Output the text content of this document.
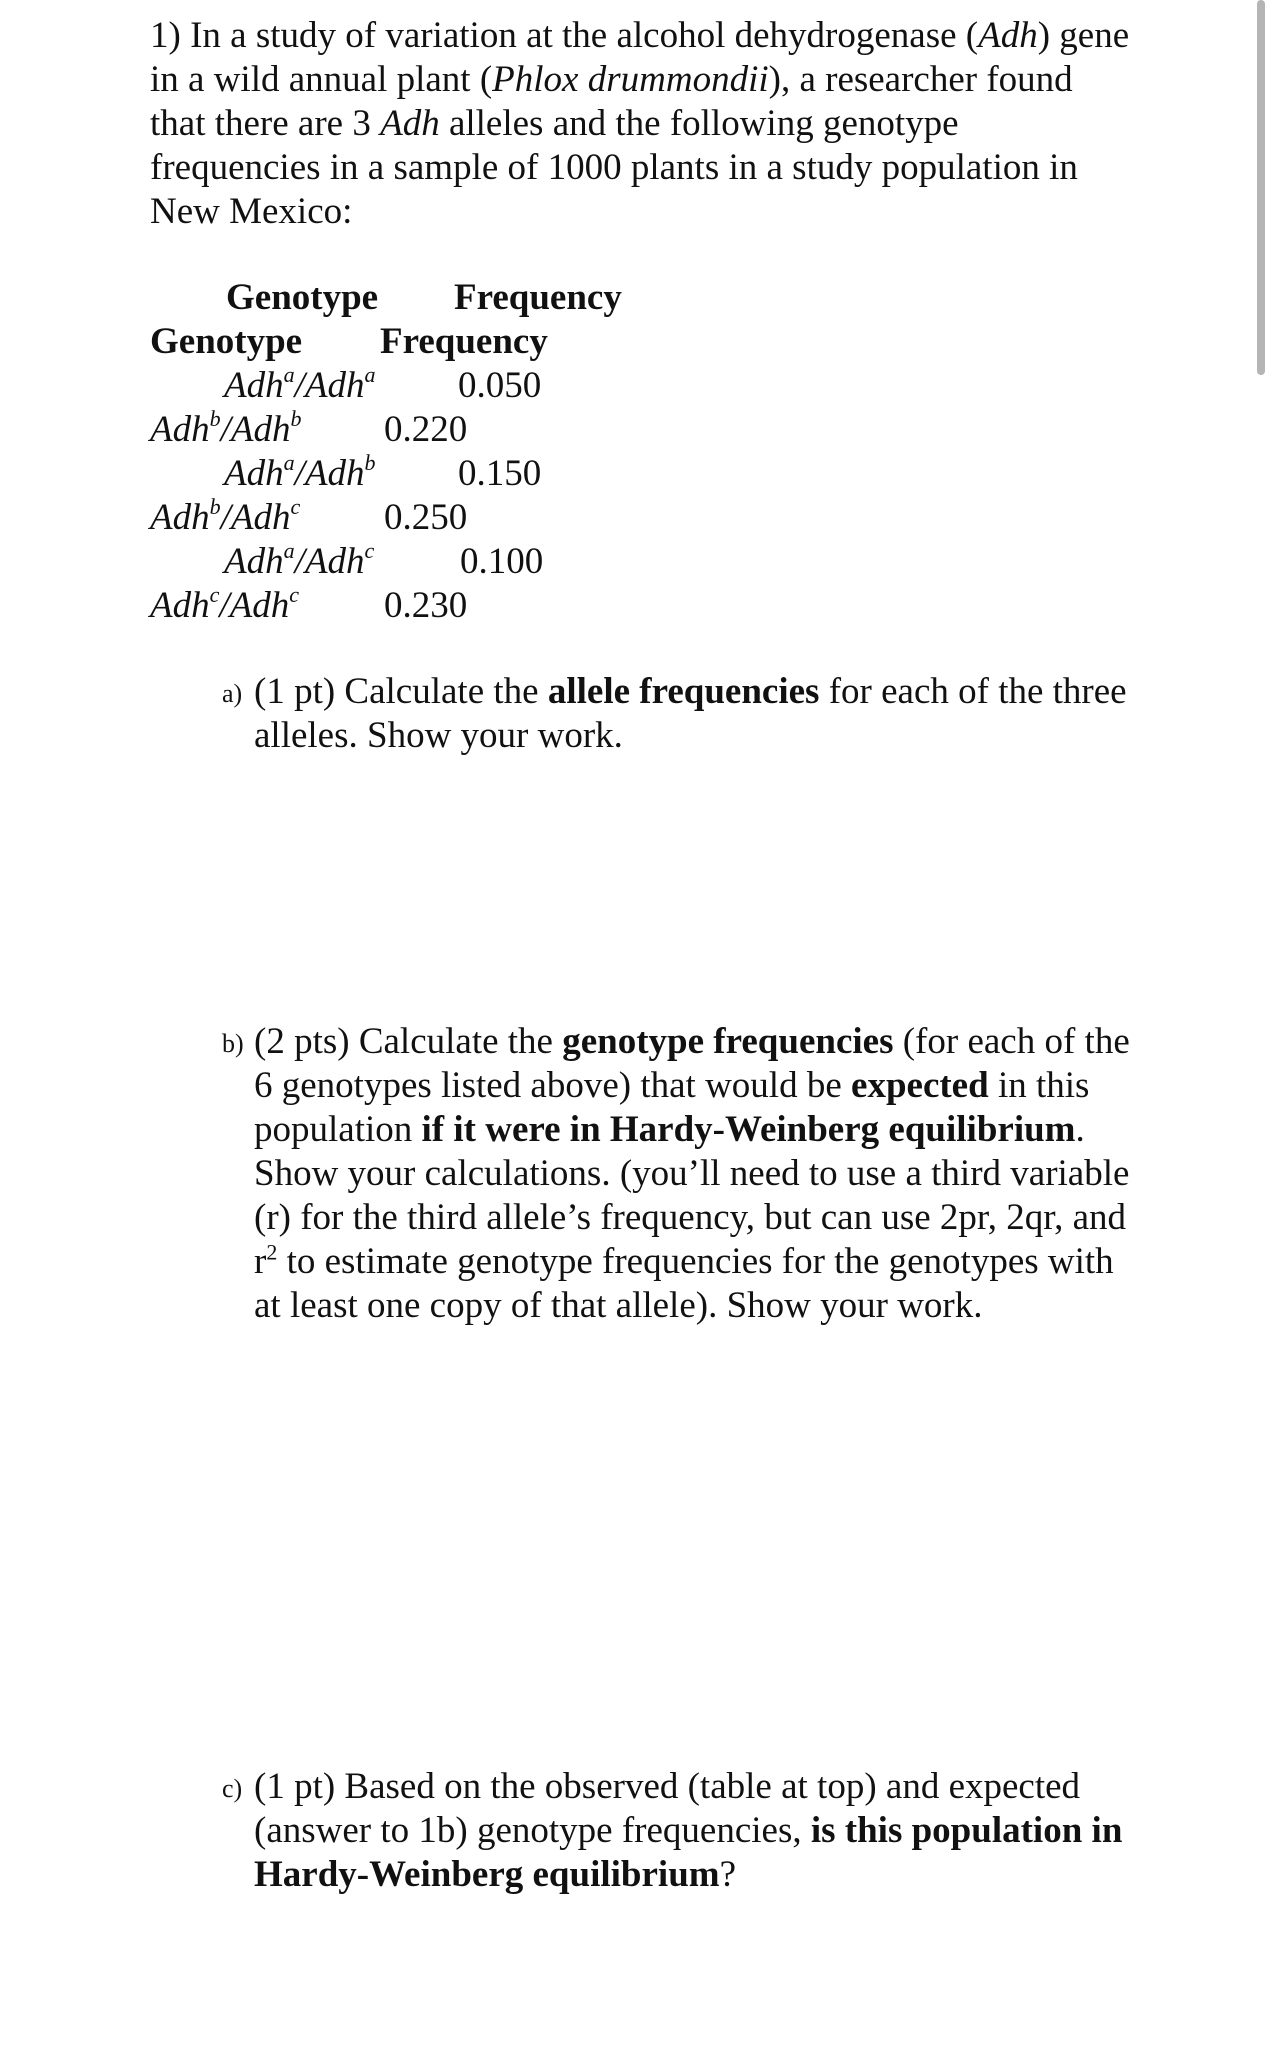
1) In a study of variation at the alcohol dehydrogenase (Adh) gene in a wild annual plant (Phlox drummondii), a researcher found that there are 3 Adh alleles and the following genotype frequencies in a sample of 1000 plants in a study population in New Mexico:
Genotype Frequency
Genotype Frequency
Adh$^a$/Adh$^a$ 0.050
Adh$^b$/Adh$^b$ 0.220
Adh$^a$/Adh$^b$ 0.150
Adh$^b$/Adh$^c$ 0.250
Adh$^a$/Adh$^c$ 0.100
Adh$^c$/Adh$^c$ 0.230
a) (1 pt) Calculate the allele frequencies for each of the three alleles. Show your work.
b) (2 pts) Calculate the genotype frequencies (for each of the 6 genotypes listed above) that would be expected in this population if it were in Hardy-Weinberg equilibrium. Show your calculations. (you’ll need to use a third variable (r) for the third allele’s frequency, but can use 2pr, 2qr, and $r^2$ to estimate genotype frequencies for the genotypes with at least one copy of that allele). Show your work.
c) (1 pt) Based on the observed (table at top) and expected (answer to 1b) genotype frequencies, is this population in Hardy-Weinberg equilibrium?
